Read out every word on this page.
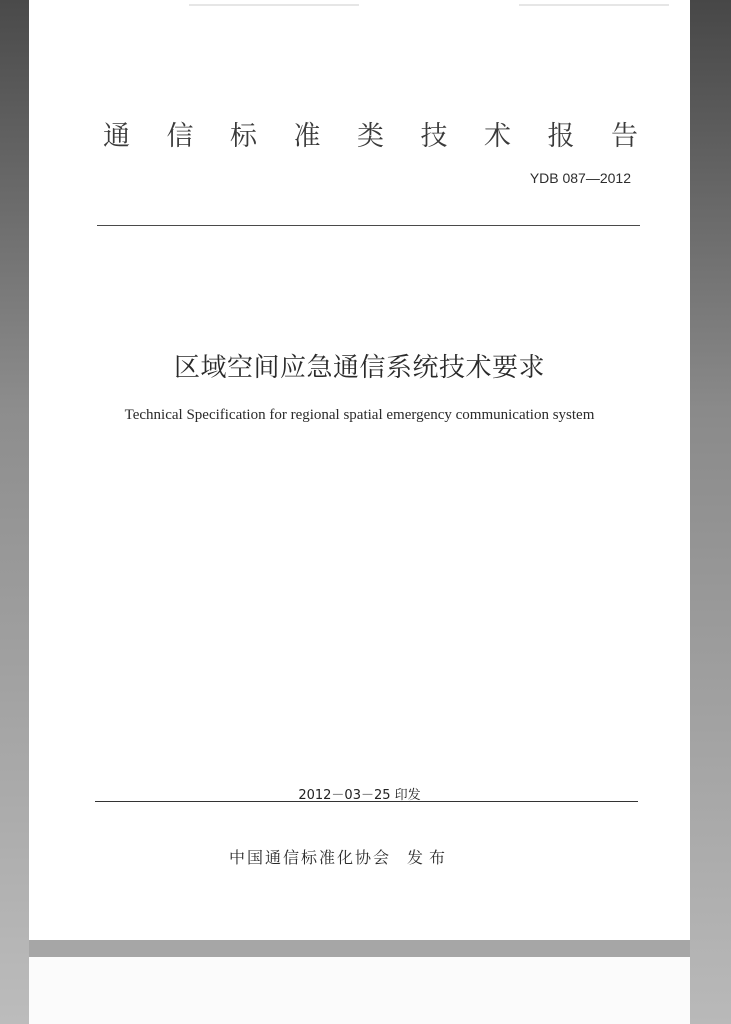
通 信 标 准 类 技 术 报 告
YDB 087—2012
区域空间应急通信系统技术要求
Technical Specification for regional spatial emergency communication system
2012－03－25 印发
中国通信标准化协会 发布
